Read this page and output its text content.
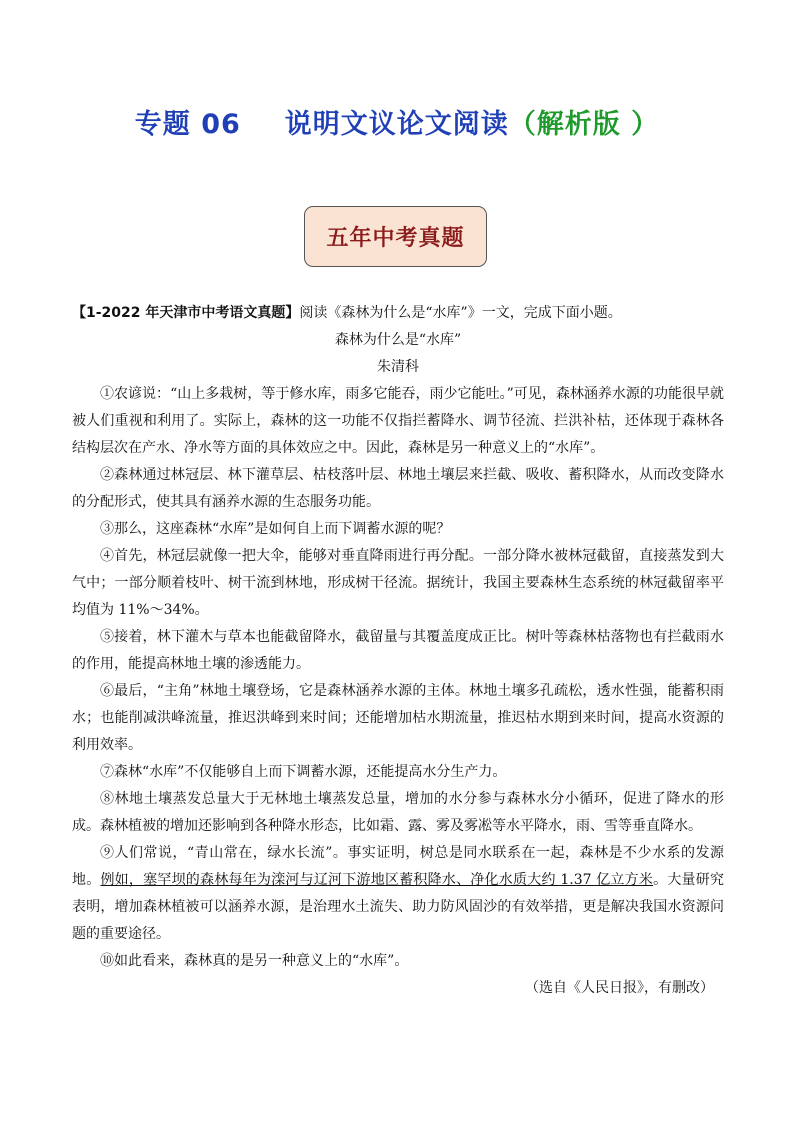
专题 06 说明文议论文阅读（解析版 ）
五年中考真题

【1-2022 年天津市中考语文真题】阅读《森林为什么是“水库”》一文，完成下面小题。

森林为什么是“水库”

朱清科

①农谚说：“山上多栽树，等于修水库，雨多它能吞，雨少它能吐。”可见，森林涵养水源的功能很早就被人们重视和利用了。实际上，森林的这一功能不仅指拦蓄降水、调节径流、拦洪补枯，还体现于森林各结构层次在产水、净水等方面的具体效应之中。因此，森林是另一种意义上的“水库”。

②森林通过林冠层、林下灌草层、枯枝落叶层、林地土壤层来拦截、吸收、蓄积降水，从而改变降水的分配形式，使其具有涵养水源的生态服务功能。

③那么，这座森林“水库”是如何自上而下调蓄水源的呢？

④首先，林冠层就像一把大伞，能够对垂直降雨进行再分配。一部分降水被林冠截留，直接蒸发到大气中；一部分顺着枝叶、树干流到林地，形成树干径流。据统计，我国主要森林生态系统的林冠截留率平均值为 11%～34%。

⑤接着，林下灌木与草本也能截留降水，截留量与其覆盖度成正比。树叶等森林枯落物也有拦截雨水的作用，能提高林地土壤的渗透能力。

⑥最后，“主角”林地土壤登场，它是森林涵养水源的主体。林地土壤多孔疏松，透水性强，能蓄积雨水；也能削减洪峰流量，推迟洪峰到来时间；还能增加枯水期流量，推迟枯水期到来时间，提高水资源的利用效率。

⑦森林“水库”不仅能够自上而下调蓄水源，还能提高水分生产力。

⑧林地土壤蒸发总量大于无林地土壤蒸发总量，增加的水分参与森林水分小循环，促进了降水的形成。森林植被的增加还影响到各种降水形态，比如霜、露、雾及雾凇等水平降水，雨、雪等垂直降水。

⑨人们常说，“青山常在，绿水长流”。事实证明，树总是同水联系在一起，森林是不少水系的发源地。例如，塞罕坝的森林每年为滦河与辽河下游地区蓄积降水、净化水质大约 1.37 亿立方米。大量研究表明，增加森林植被可以涵养水源，是治理水土流失、助力防风固沙的有效举措，更是解决我国水资源问题的重要途径。

⑩如此看来，森林真的是另一种意义上的“水库”。

（选自《人民日报》，有删改）
